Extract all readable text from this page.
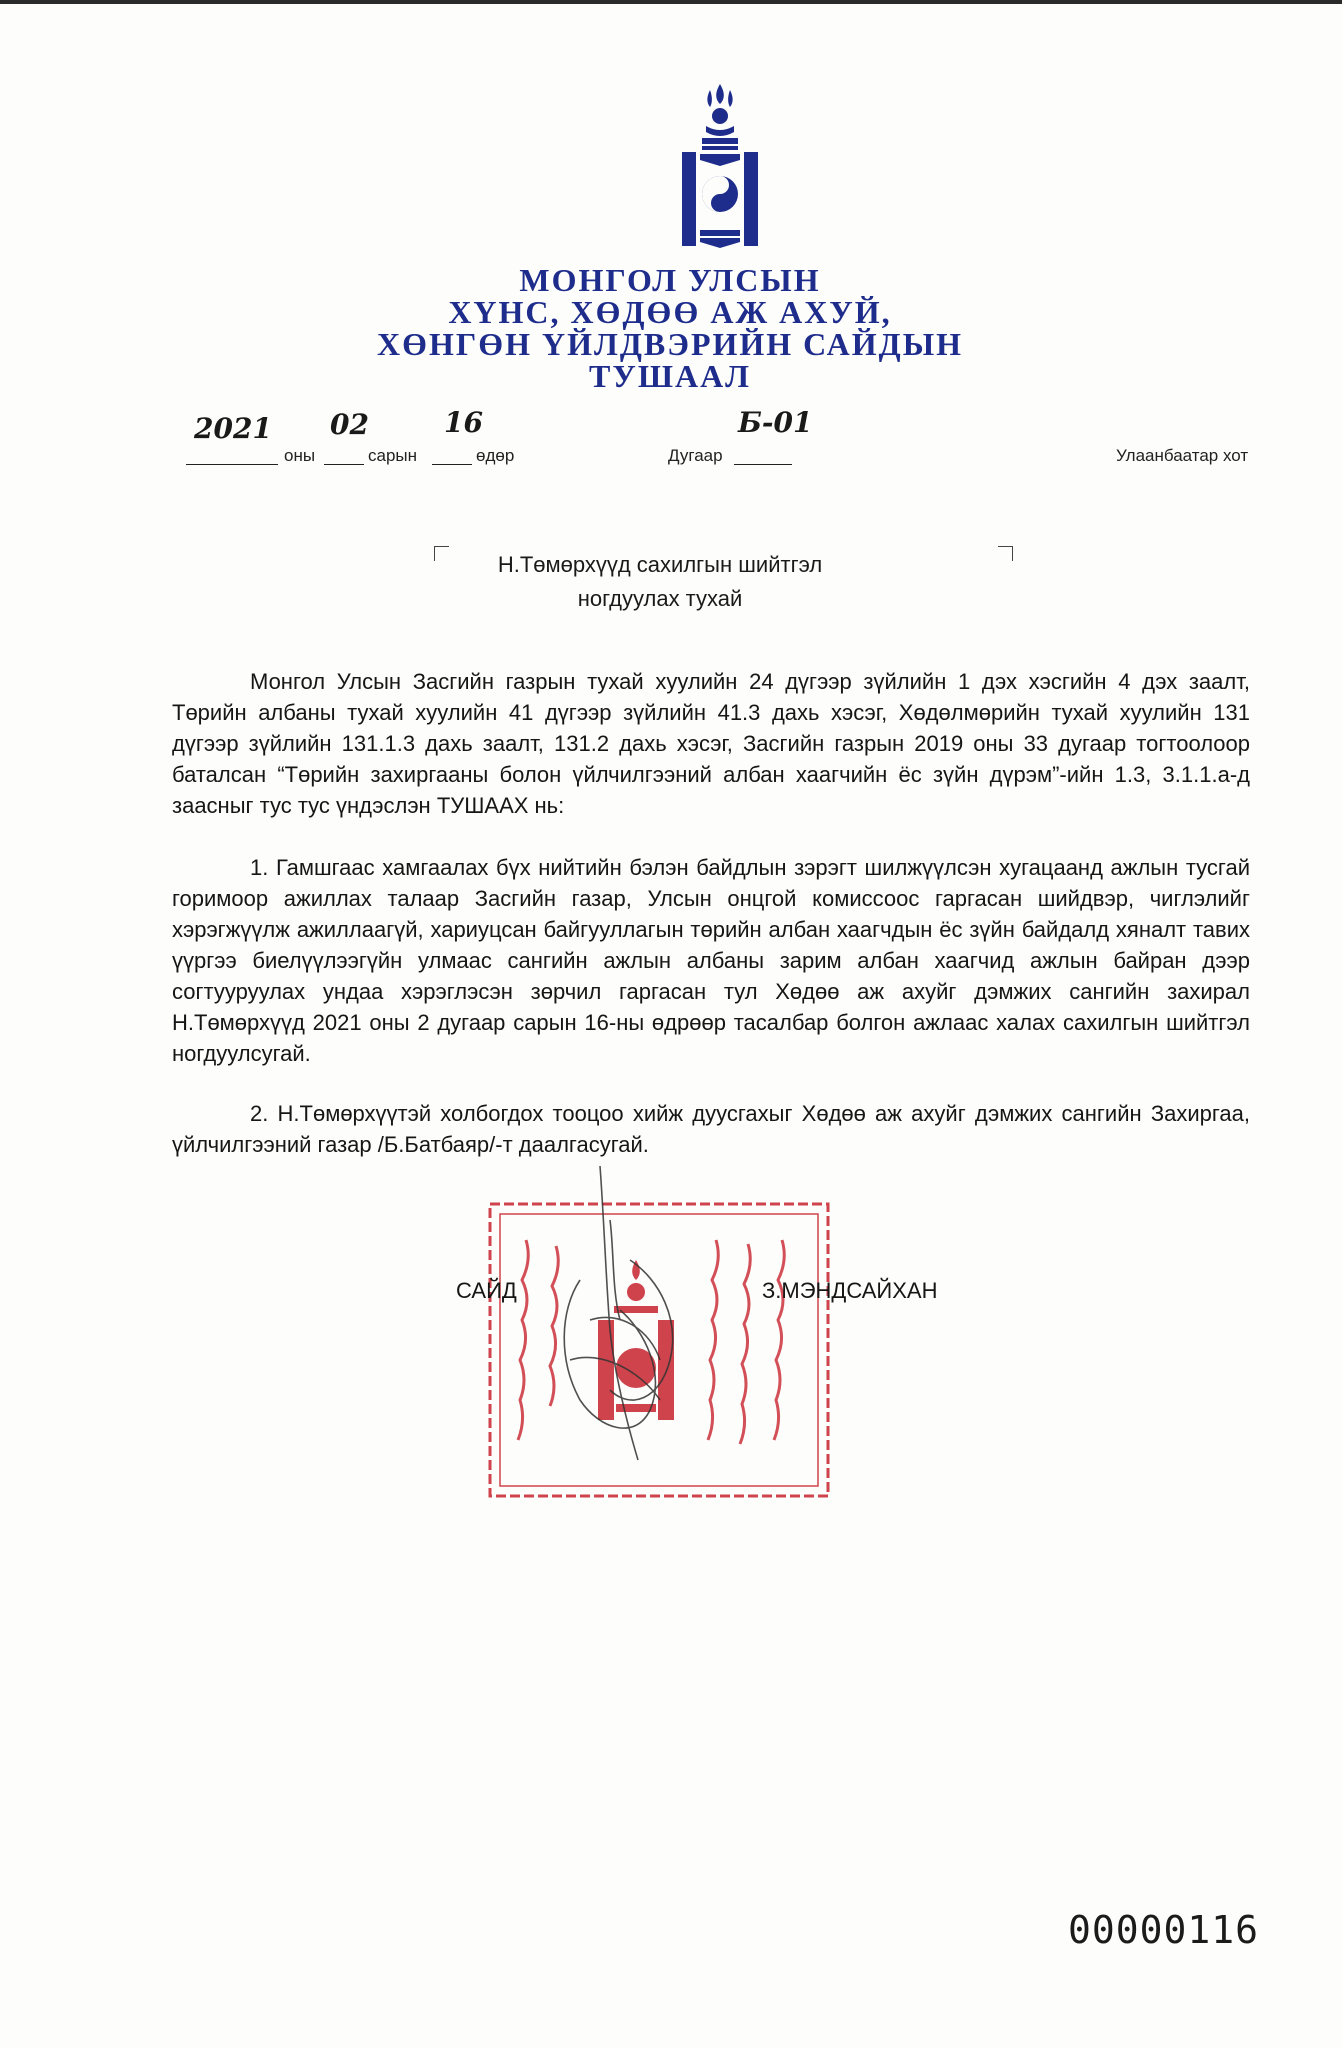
МОНГОЛ УЛСЫН
ХҮНС, ХӨДӨӨ АЖ АХУЙ,
ХӨНГӨН ҮЙЛДВЭРИЙН САЙДЫН
ТУШААЛ
2021
оны
02
сарын
16
өдөр	Дугаар
Б-01
Улаанбаатар хот
Н.Төмөрхүүд сахилгын шийтгэл
ногдуулах тухай

Монгол Улсын Засгийн газрын тухай хуулийн 24 дүгээр зүйлийн 1 дэх хэсгийн 4 дэх заалт, Төрийн албаны тухай хуулийн 41 дүгээр зүйлийн 41.3 дахь хэсэг, Хөдөлмөрийн тухай хуулийн 131 дүгээр зүйлийн 131.1.3 дахь заалт, 131.2 дахь хэсэг, Засгийн газрын 2019 оны 33 дугаар тогтоолоор баталсан “Төрийн захиргааны болон үйлчилгээний албан хаагчийн ёс зүйн дүрэм”-ийн 1.3, 3.1.1.а-д заасныг тус тус үндэслэн ТУШААХ нь:

1. Гамшгаас хамгаалах бүх нийтийн бэлэн байдлын зэрэгт шилжүүлсэн хугацаанд ажлын тусгай горимоор ажиллах талаар Засгийн газар, Улсын онцгой комиссоос гаргасан шийдвэр, чиглэлийг хэрэгжүүлж ажиллаагүй, хариуцсан байгууллагын төрийн албан хаагчдын ёс зүйн байдалд хяналт тавих үүргээ биелүүлээгүйн улмаас сангийн ажлын албаны зарим албан хаагчид ажлын байран дээр согтууруулах ундаа хэрэглэсэн зөрчил гаргасан тул Хөдөө аж ахуйг дэмжих сангийн захирал Н.Төмөрхүүд 2021 оны 2 дугаар сарын 16-ны өдрөөр тасалбар болгон ажлаас халах сахилгын шийтгэл ногдуулсугай.

2. Н.Төмөрхүүтэй холбогдох тооцоо хийж дуусгахыг Хөдөө аж ахуйг дэмжих сангийн Захиргаа, үйлчилгээний газар /Б.Батбаяр/-т даалгасугай.

САЙД	З.МЭНДСАЙХАН
00000116
